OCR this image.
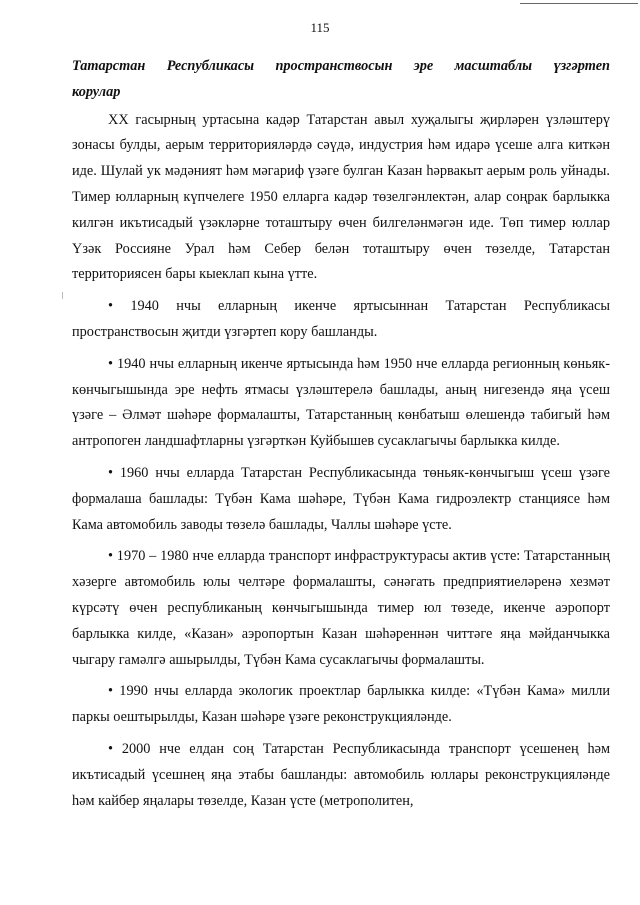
115
Татарстан Республикасы пространствосын эре масштаблы үзгәртеп
корулар

XX гасырның уртасына кадәр Татарстан авыл хуҗалыгы җирләрен үзләштерү зонасы булды, аерым территорияләрдә сәүдә, индустрия һәм идарә үсеше алга киткән иде. Шулай ук мәдәният һәм мәгариф үзәге булган Казан һәрвакыт аерым роль уйнады. Тимер юлларның күпчелеге 1950 елларга кадәр төзелгәнлектән, алар соңрак барлыкка килгән икътисадый үзәкләрне тоташтыру өчен билгеләнмәгән иде. Төп тимер юллар Үзәк Россияне Урал һәм Себер белән тоташтыру өчен төзелде, Татарстан территориясен бары кыеклап кына үтте.

• 1940 нчы елларның икенче яртысыннан Татарстан Республикасы пространствосын җитди үзгәртеп кору башланды.

• 1940 нчы елларның икенче яртысында һәм 1950 нче елларда регионның көньяк-көнчыгышында эре нефть ятмасы үзләштерелә башлады, аның нигезендә яңа үсеш үзәге – Әлмәт шәһәре формалашты, Татарстанның көнбатыш өлешендә табигый һәм антропоген ландшафтларны үзгәрткән Куйбышев сусаклагычы барлыкка килде.

• 1960 нчы елларда Татарстан Республикасында төньяк-көнчыгыш үсеш үзәге формалаша башлады: Түбән Кама шәһәре, Түбән Кама гидроэлектр станциясе һәм Кама автомобиль заводы төзелә башлады, Чаллы шәһәре үсте.

• 1970 – 1980 нче елларда транспорт инфраструктурасы актив үсте: Татарстанның хәзерге автомобиль юлы челтәре формалашты, сәнәгать предприятиеләренә хезмәт күрсәтү өчен республиканың көнчыгышында тимер юл төзеде, икенче аэропорт барлыкка килде, «Казан» аэропортын Казан шәһәреннән читтәге яңа мәйданчыкка чыгару гамәлгә ашырылды, Түбән Кама сусаклагычы формалашты.

• 1990 нчы елларда экологик проектлар барлыкка килде: «Түбән Кама» милли паркы оештырылды, Казан шәһәре үзәге реконструкцияләнде.

• 2000 нче елдан соң Татарстан Республикасында транспорт үсешенең һәм икътисадый үсешнең яңа этабы башланды: автомобиль юллары реконструкцияләнде һәм кайбер яңалары төзелде, Казан үсте (метрополитен,
